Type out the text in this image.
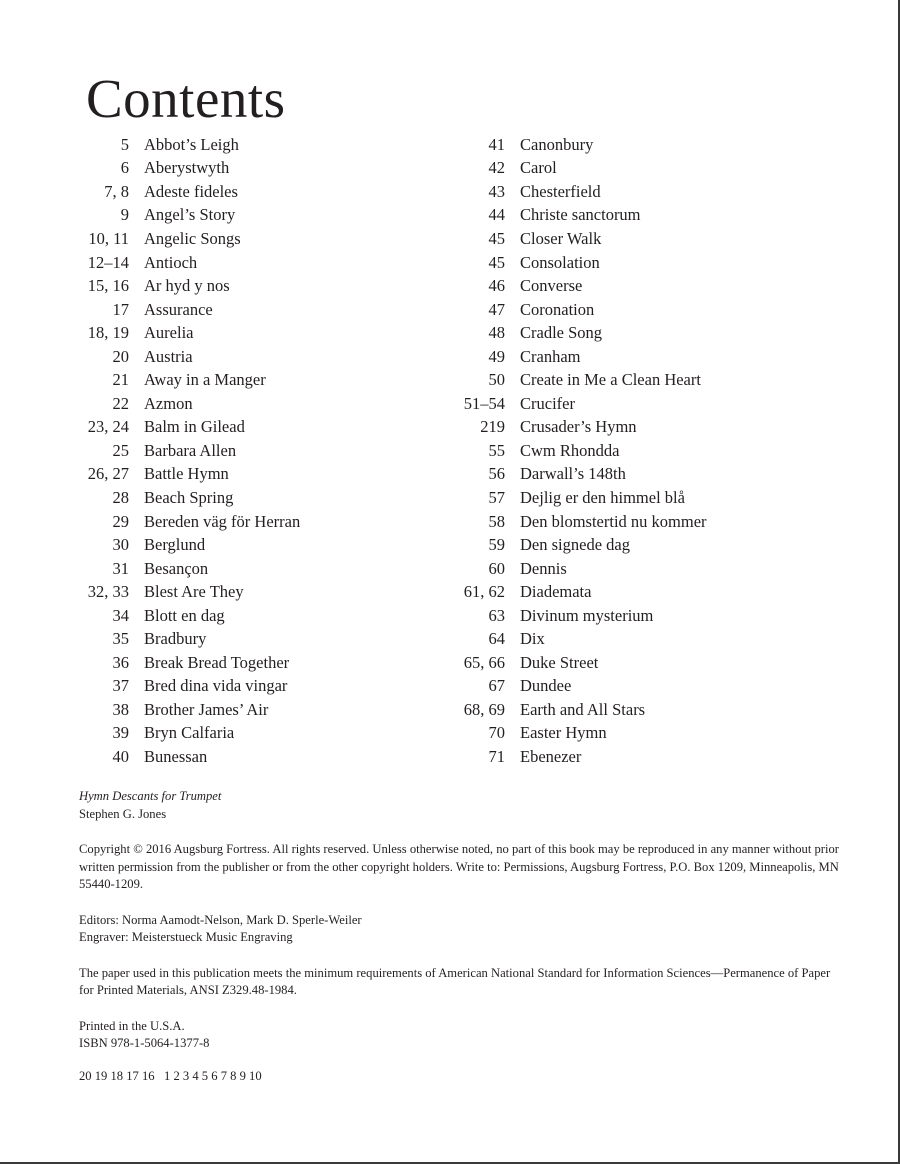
Contents
5 Abbot’s Leigh
6 Aberystwyth
7, 8 Adeste fideles
9 Angel’s Story
10, 11 Angelic Songs
12–14 Antioch
15, 16 Ar hyd y nos
17 Assurance
18, 19 Aurelia
20 Austria
21 Away in a Manger
22 Azmon
23, 24 Balm in Gilead
25 Barbara Allen
26, 27 Battle Hymn
28 Beach Spring
29 Bereden väg för Herran
30 Berglund
31 Besançon
32, 33 Blest Are They
34 Blott en dag
35 Bradbury
36 Break Bread Together
37 Bred dina vida vingar
38 Brother James’ Air
39 Bryn Calfaria
40 Bunessan
41 Canonbury
42 Carol
43 Chesterfield
44 Christe sanctorum
45 Closer Walk
45 Consolation
46 Converse
47 Coronation
48 Cradle Song
49 Cranham
50 Create in Me a Clean Heart
51–54 Crucifer
219 Crusader’s Hymn
55 Cwm Rhondda
56 Darwall’s 148th
57 Dejlig er den himmel blå
58 Den blomstertid nu kommer
59 Den signede dag
60 Dennis
61, 62 Diademata
63 Divinum mysterium
64 Dix
65, 66 Duke Street
67 Dundee
68, 69 Earth and All Stars
70 Easter Hymn
71 Ebenezer

Hymn Descants for Trumpet

Stephen G. Jones

Copyright © 2016 Augsburg Fortress. All rights reserved. Unless otherwise noted, no part of this book may be reproduced in any manner without prior written permission from the publisher or from the other copyright holders. Write to: Permissions, Augsburg Fortress, P.O. Box 1209, Minneapolis, MN 55440-1209.

Editors: Norma Aamodt-Nelson, Mark D. Sperle-Weiler

Engraver: Meisterstueck Music Engraving

The paper used in this publication meets the minimum requirements of American National Standard for Information Sciences—Permanence of Paper for Printed Materials, ANSI Z329.48-1984.

Printed in the U.S.A.

ISBN 978-1-5064-1377-8

20 19 18 17 16 1 2 3 4 5 6 7 8 9 10
